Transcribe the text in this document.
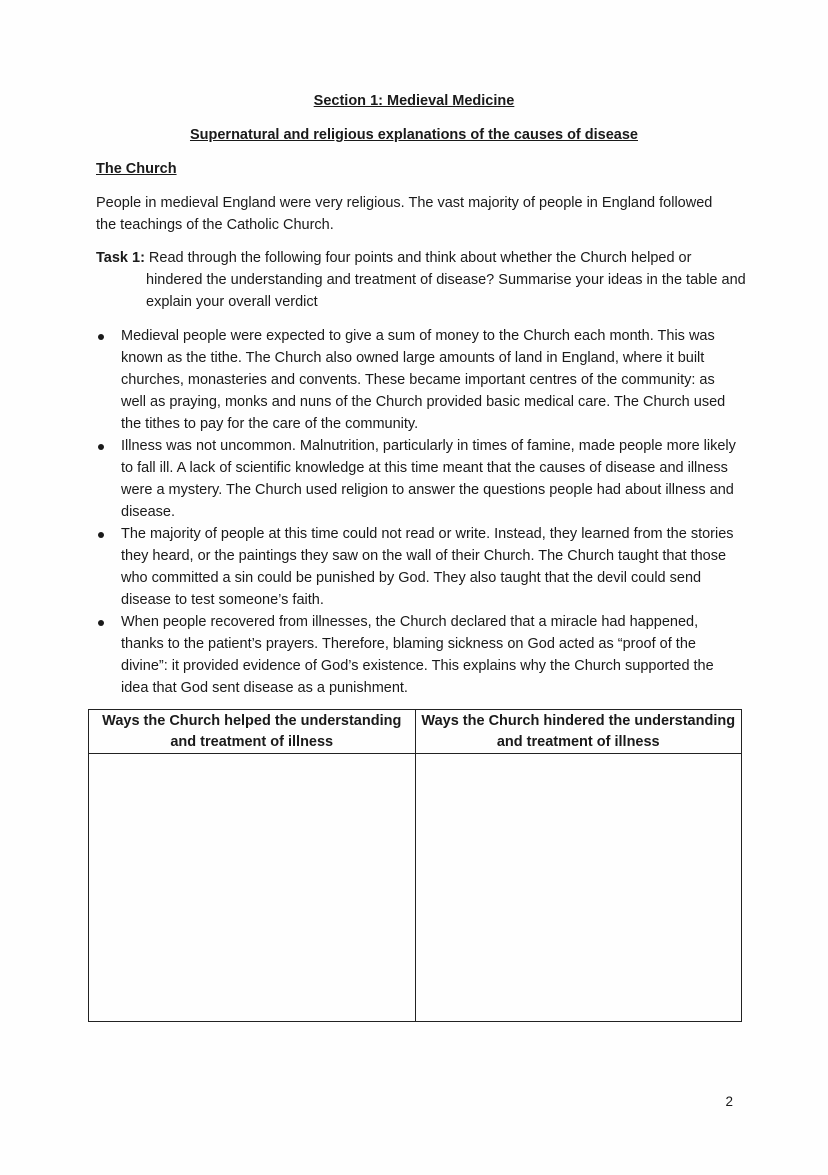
Section 1: Medieval Medicine
Supernatural and religious explanations of the causes of disease
The Church
People in medieval England were very religious. The vast majority of people in England followed the teachings of the Catholic Church.
Task 1: Read through the following four points and think about whether the Church helped or hindered the understanding and treatment of disease? Summarise your ideas in the table and explain your overall verdict
Medieval people were expected to give a sum of money to the Church each month. This was known as the tithe. The Church also owned large amounts of land in England, where it built churches, monasteries and convents. These became important centres of the community: as well as praying, monks and nuns of the Church provided basic medical care. The Church used the tithes to pay for the care of the community.
Illness was not uncommon. Malnutrition, particularly in times of famine, made people more likely to fall ill. A lack of scientific knowledge at this time meant that the causes of disease and illness were a mystery. The Church used religion to answer the questions people had about illness and disease.
The majority of people at this time could not read or write. Instead, they learned from the stories they heard, or the paintings they saw on the wall of their Church. The Church taught that those who committed a sin could be punished by God. They also taught that the devil could send disease to test someone’s faith.
When people recovered from illnesses, the Church declared that a miracle had happened, thanks to the patient’s prayers. Therefore, blaming sickness on God acted as “proof of the divine”: it provided evidence of God’s existence. This explains why the Church supported the idea that God sent disease as a punishment.
Ways the Church helped the understanding and treatment of illness	Ways the Church hindered the understanding and treatment of illness

2
